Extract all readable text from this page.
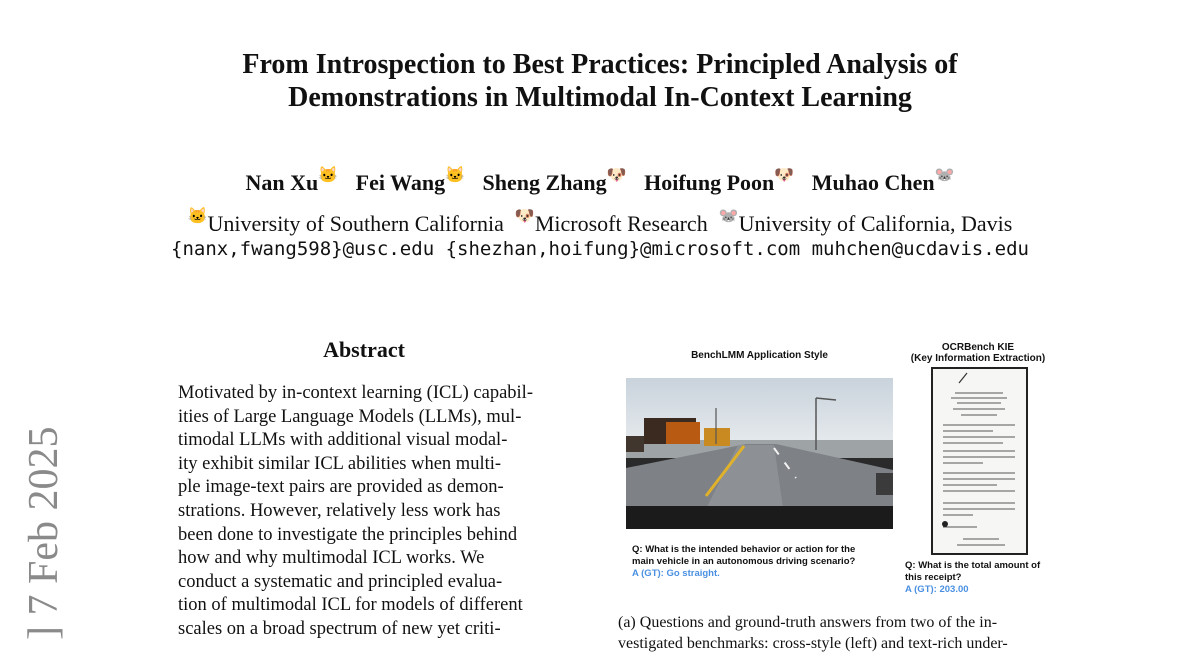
From Introspection to Best Practices: Principled Analysis of
Demonstrations in Multimodal In-Context Learning
Nan Xu🐱 Fei Wang🐱 Sheng Zhang🐶 Hoifung Poon🐶 Muhao Chen🐭
🐱University of Southern California 🐶Microsoft Research 🐭University of California, Davis
{nanx,fwang598}@usc.edu {shezhan,hoifung}@microsoft.com muhchen@ucdavis.edu
] 7 Feb 2025
Abstract
Motivated by in-context learning (ICL) capabil-
ities of Large Language Models (LLMs), mul-
timodal LLMs with additional visual modal-
ity exhibit similar ICL abilities when multi-
ple image-text pairs are provided as demon-
strations. However, relatively less work has
been done to investigate the principles behind
how and why multimodal ICL works. We
conduct a systematic and principled evalua-
tion of multimodal ICL for models of different
scales on a broad spectrum of new yet criti-
BenchLMM Application Style
OCRBench KIE
(Key Information Extraction)
Q: What is the intended behavior or action for the
main vehicle in an autonomous driving scenario?
A (GT): Go straight.
Q: What is the total amount of
this receipt?
A (GT): 203.00
(a) Questions and ground-truth answers from two of the in-
vestigated benchmarks: cross-style (left) and text-rich under-
